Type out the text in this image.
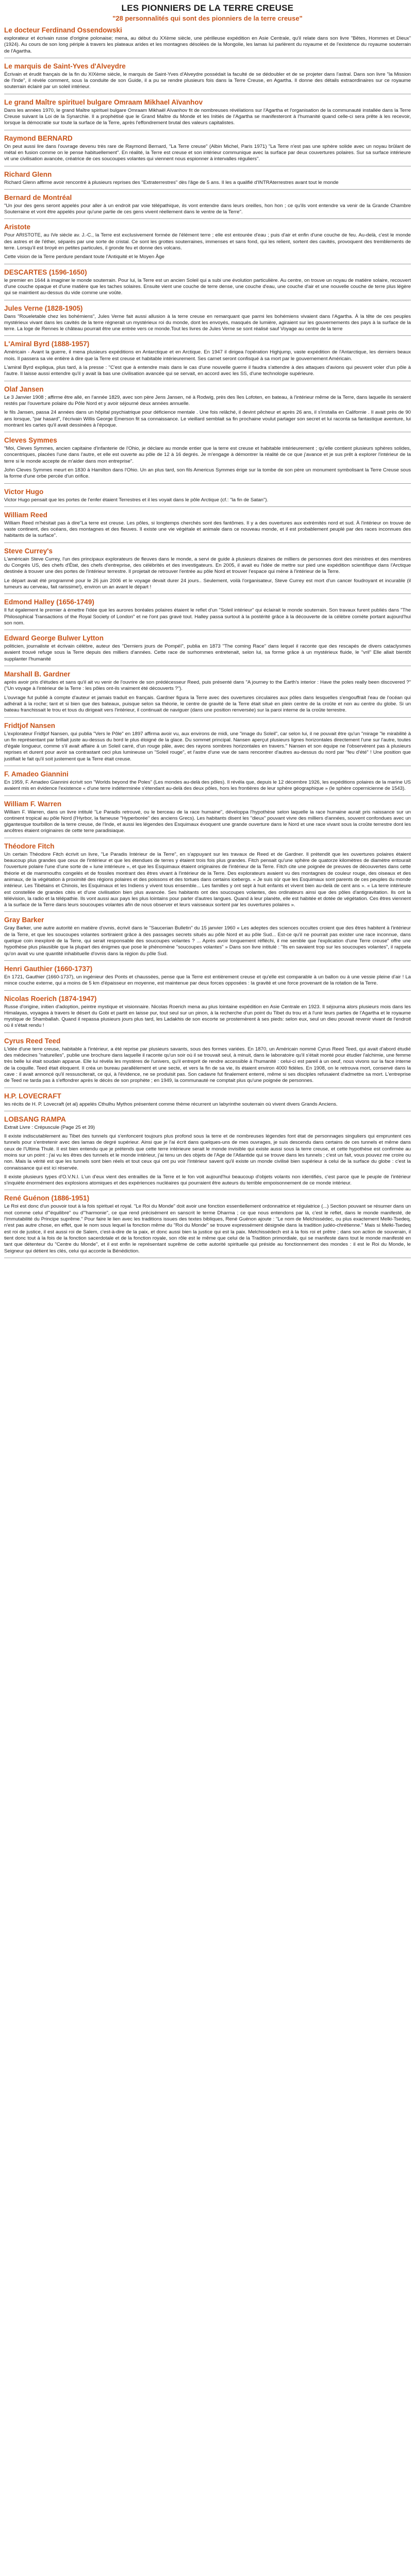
LES PIONNIERS DE LA TERRE CREUSE
"28 personnalités qui sont des pionniers de la terre creuse"
Le docteur Ferdinand Ossendowski

explorateur et écrivain russe d'origine polonaise; mena, au début du XXème siècle, une périlleuse expédition en Asie Centrale, qu'il relate dans son livre "Bêtes, Hommes et Dieux" (1924). Au cours de son long périple à travers les plateaux arides et les montagnes désolées de la Mongolie, les lamas lui parlèrent du royaume et de l'existence du royaume souterrain de l'Agartha.

Le marquis de Saint-Yves d'Alveydre

Écrivain et érudit français de la fin du XIXème siècle, le marquis de Saint-Yves d'Alveydre possédait la faculté de se dédoubler et de se projeter dans l'astral. Dans son livre "la Mission de l'Inde", il révèle comment, sous la conduite de son Guide, il a pu se rendre plusieurs fois dans la Terre Creuse, en Agartha. Il donne des détails extraordinaires sur ce royaume souterrain éclairé par un soleil intérieur.

Le grand Maître spirituel bulgare Omraam Mikhael Aïvanhov

Dans les années 1970, le grand Maître spirituel bulgare Omraam Mikhaël Aïvanhov fit de nombreuses révélations sur l'Agartha et l'organisation de la communauté installée dans la Terre Creuse suivant la Loi de la Synarchie. Il a prophétisé que le Grand Maître du Monde et les Initiés de l'Agartha se manifesteront à l'humanité quand celle-ci sera prête à les recevoir, lorsque la démocratie sur toute la surface de la Terre, après l'effondrement brutal des valeurs capitalistes.

Raymond BERNARD

On peut aussi lire dans l'ouvrage devenu très rare de Raymond Bernard, "La Terre creuse" (Albin Michel, Paris 1971) "La Terre n'est pas une sphère solide avec un noyau brûlant de métal en fusion comme on le pense habituellement". En réalité, la Terre est creuse et son intérieur communique avec la surface par deux couvertures polaires. Sur sa surface intérieure vit une civilisation avancée, créatrice de ces soucoupes volantes qui viennent nous espionner à intervalles réguliers".

Richard Glenn

Richard Glenn affirme avoir rencontré à plusieurs reprises des "Extraterrestres" dès l'âge de 5 ans. Il les a qualifié d'INTRAterrestres avant tout le monde

Bernard de Montréal

"Un jour des gens seront appelés pour aller à un endroit par voie télépathique, ils vont entendre dans leurs oreilles, hon hon ; ce qu'ils vont entendre va venir de la Grande Chambre Souterraine et vont être appelés pour qu'une partie de ces gens vivent réellement dans le ventre de la Terre".

Aristote

Pour ARISTOTE, au IVe siècle av. J.-C., la Terre est exclusivement formée de l'élément terre ; elle est entourée d'eau ; puis d'air et enfin d'une couche de feu. Au-delà, c'est le monde des astres et de l'éther, séparés par une sorte de cristal. Ce sont les grottes souterraines, immenses et sans fond, qui les relient, sortent des cavités, provoquent des tremblements de terre. Lorsqu'il est broyé en petites particules, il gronde feu et donne des volcans.

Cette vision de la Terre perdure pendant toute l'Antiquité et le Moyen Âge

DESCARTES (1596-1650)

le premier en 1644 à imaginer le monde souterrain. Pour lui, la Terre est un ancien Soleil qui a subi une évolution particulière. Au centre, on trouve un noyau de matière solaire, recouvert d'une couche opaque et d'une matière que les taches solaires. Ensuite vient une couche de terre dense, une couche d'eau, une couche d'air et une nouvelle couche de terre plus légère qui se maintient au-dessus du vide comme une voûte.

Jules Verne (1828-1905)

Dans "Roueletable chez les bohémiens", Jules Verne fait aussi allusion à la terre creuse en remarquant que parmi les bohémiens vivaient dans l'Agartha. À la tête de ces peuples mystérieux vivant dans les cavités de la terre régnerait un mystérieux roi du monde, dont les envoyés, masqués de lumière, agiraient sur les gouvernements des pays à la surface de la terre. La loge de Rennes le château pourrait être une entrée vers ce monde.Tout les livres de Jules Verne se sont réalisé sauf Voyage au centre de la terre

L'Amiral Byrd (1888-1957)

Américain - Avant la guerre, il mena plusieurs expéditions en Antarctique et en Arctique. En 1947 il dirigea l'opération Highjump, vaste expédition de l'Antarctique, les derniers beaux mois. Il passera sa vie entière à dire que la Terre est creuse et habitable intérieurement. Ses carnet seront confisqué à sa mort par le gouvernement Américain.

L'amiral Byrd expliqua, plus tard, à la presse : "C'est que à entendre mais dans le cas d'une nouvelle guerre il faudra s'attendre à des attaques d'avions qui peuvent voler d'un pôle à l'autre. Il laisse aussi entendre qu'il y avait là bas une civilisation avancée qui se servait, en accord avec les SS, d'une technologie supérieure.

Olaf Jansen

Le 3 Janvier 1908 ; affirme être allé, en l'année 1829, avec son père Jens Jansen, né à Rodwig, près des îles Lofoten, en bateau, à l'intérieur même de la Terre, dans laquelle ils seraient restés par l'ouverture polaire du Pôle Nord et y avoir séjourné deux années annuelle.

le fils Jansen, passa 24 années dans un hôpital psychiatrique pour déficience mentale . Une fois relâché, il devint pêcheur et après 26 ans, il s'installa en Californie . Il avait près de 90 ans lorsque, "par hasard", l'écrivain Willis George Emerson fit sa connaissance. Le vieillard semblait sa fin prochaine voulut partager son secret et lui raconta sa fantastique aventure, lui montrant les cartes qu'il avait dessinées à l'époque.

Cleves Symmes

"Moi, Cleves Symmes, ancien capitaine d'infanterie de l'Ohio, je déclare au monde entier que la terre est creuse et habitable intérieurement ; qu'elle contient plusieurs sphères solides, concentriques, placées l'une dans l'autre, et elle est ouverte au pôle de 12 à 16 degrés. Je m'engage à démontrer la réalité de ce que j'avance et je sus prêt à explorer l'intérieur de la terre si le monde accepte de m'aider dans mon entreprise".

John Cleves Symmes meurt en 1830 à Hamilton dans l'Ohio. Un an plus tard, son fils Americus Symmes érige sur la tombe de son père un monument symbolisant la Terre Creuse sous la forme d'une orbe percée d'un orifice.

Victor Hugo

Victor Hugo pensait que les portes de l'enfer étaient Terrestres et il les voyait dans le pôle Arctique (cf.: "la fin de Satan").

William Reed

William Reed m'hésitait pas à dire"La terre est creuse. Les pôles, si longtemps cherchés sont des fantômes. Il y a des ouvertures aux extrémités nord et sud. À l'intérieur on trouve de vaste continent, des océans, des montagnes et des fleuves. Il existe une vie végétale et animale dans ce nouveau monde, et il est probablement peuplé par des races inconnues des habitants de la surface".

Steve Currey's

L'américain Steve Currey, l'un des principaux explorateurs de fleuves dans le monde, a servi de guide à plusieurs dizaines de milliers de personnes dont des ministres et des membres du Congrès US, des chefs d'État, des chefs d'entreprise, des célébrités et des investigateurs. En 2005, il avait eu l'idée de mettre sur pied une expédition scientifique dans l'Arctique destinée à trouver une des portes de l'intérieur terrestre. Il projetait de retrouver l'entrée au pôle Nord et trouver l'espace qui mène à l'intérieur de la Terre.

Le départ avait été programmé pour le 26 juin 2006 et le voyage devait durer 24 jours.. Seulement, voilà l'organisateur, Steve Currey est mort d'un cancer foudroyant et incurable (il tumeurs au cerveau, fait rarissime!), environ un an avant le départ !

Edmond Halley (1656-1749)

Il fut également le premier à émettre l'idée que les aurores boréales polaires étaient le reflet d'un "Soleil intérieur" qui éclairait le monde souterrain. Son travaux furent publiés dans "The Philosophical Transactions of the Royal Society of London" et ne l'ont pas gravé tout. Halley passa surtout à la postérité grâce à la découverte de la célèbre comète portant aujourd'hui son nom.

Edward George Bulwer Lytton

politicien, journaliste et écrivain célèbre, auteur des "Derniers jours de Pompéï", publia en 1873 "The coming Race" dans lequel il raconte que des rescapés de divers cataclysmes avaient trouvé refuge sous la Terre depuis des milliers d'années. Cette race de surhommes entretenait, selon lui, sa forme grâce à un mystérieux fluide, le "vril" Elle allait bientôt supplanter l'humanité

Marshall B. Gardner

après avoir pris d'études et sans qu'il ait vu venir de l'ouvrire de son prédécesseur Reed, puis présenté dans "A journey to the Earth's interior : Have the poles really been discovered ?" ("Un voyage à l'intérieur de la Terre : les pôles ont-ils vraiment été découverts ?").

L'ouvrage fut publié à compte d'auteur et jamais traduit en français. Gardner figura la Terre avec des ouvertures circulaires aux pôles dans lesquelles s'engouffrait l'eau de l'océan qui adhérait à la roche; tant et si bien que des bateaux, puisque selon sa théorie, le centre de gravité de la Terre était situé en plein centre de la croûte et non au centre du globe. Si un bateau franchissait le trou et tous du dirigeait vers l'intérieur, il continuait de naviguer (dans une position renversée) sur la paroi interne de la croûte terrestre.

Fridtjof Nansen

L'explorateur Fridtjof Nansen, qui publia "Vers le Pôle" en 1897 affirma avoir vu, aux environs de midi, une "image du Soleil", car selon lui, il ne pouvait être qu'un "mirage "le mirabilité à un fin représentant par brillait juste au-dessus du bord le plus éloigné de la glace. Du sommet principal. Nansen aperçut plusieurs lignes horizontales directement l'une sur l'autre, toutes d'égale longueur, comme s'il avait affaire à un Soleil carré, d'un rouge pâle, avec des rayons sombres horizontales en travers." Nansen et son équipe ne l'observèrent pas à plusieurs reprises et durent pour avoir sa contrastant ceci plus lumineuse un "Soleil rouge", et l'astre d'une vue de sans rencontrer d'autres au-dessus du nord par "feu d'été" ! Une position que justifiait le fait qu'il soit justement que la Terre était creuse.

F. Amadeo Giannini

En 1959, F. Amadeo Giannini écrivit son "Worlds beyond the Poles" (Les mondes au-delà des pôles). Il révéla que, depuis le 12 décembre 1926, les expéditions polaires de la marine US avaient mis en évidence l'existence « d'une terre indéterminée s'étendant au-delà des deux pôles, hors les frontières de leur sphère géographique » (le sphère copernicienne de 1543).

William F. Warren

William F. Warren, dans un livre intitulé "Le Paradis retrouvé, ou le berceau de la race humaine", développa l'hypothèse selon laquelle la race humaine aurait pris naissance sur un continent tropical au pôle Nord (l'Hyrbor, la fameuse "Hyperborée" des anciens Grecs). Les habitants disent les "dieux" pouvant vivre des milliers d'années, souvent confondues avec un gigantesque tourbillon de la terre creuse, de l'Inde, et aussi les légendes des Esquimaux évoquent une grande ouverture dans le Nord et une race vivant sous la croûte terrestre dont les ancêtres étaient originaires de cette terre paradisiaque.

Théodore Fitch

Un certain Théodore Fitch écrivit un livre, "Le Paradis Intérieur de la Terre", en s'appuyant sur les travaux de Reed et de Gardner. Il prétendit que les ouvertures polaires étaient beaucoup plus grandes que ceux de l'intérieur et que les étendues de terres y étaient trois fois plus grandes. Fitch pensait qu'une sphère de quatorze kilomètres de diamètre entourait l'ouverture polaire l'une d'une sorte de « lune intérieure », et que les Esquimaux étaient originaires de l'intérieur de la Terre. Fitch cite une poignée de preuves de découvertes dans cette théorie et de mammouths congelés et de fossiles montrant des êtres vivant à l'intérieur de la Terre. Des explorateurs avaient vu des montagnes de couleur rouge, des oiseaux et des animaux, de la végétation à proximité des régions polaires et des poissons et des tortues dans certains icebergs. « Je suis sûr que les Esquimaux sont parents de ces peuples du monde intérieur. Les Tibétains et Chinois, les Esquimaux et les Indiens y vivent tous ensemble... Les familles y ont sept à huit enfants et vivent bien au-delà de cent ans ». « La terre intérieure est constellée de grandes cités et d'une civilisation bien plus avancée. Ses habitants ont des soucoupes volantes, des ordinateurs ainsi que des pôles d'antigravitation. Ils ont la télévision, la radio et la télépathie. Ils vont aussi aux pays les plus lointains pour parler d'autres langues. Quand à leur planète, elle est habitée et dotée de végétation. Ces êtres viennent à la surface de la Terre dans leurs soucoupes volantes afin de nous observer et leurs vaisseaux sortent par les ouvertures polaires ».

Gray Barker

Gray Barker, une autre autorité en matière d'ovnis, écrivit dans le "Saucerian Bulletin" du 15 janvier 1960 « Les adeptes des sciences occultes croient que des êtres habitent à l'intérieur de la Terre, et que les soucoupes volantes sortiraient grâce à des passages secrets situés au pôle Nord et au pôle Sud... Est-ce qu'il ne pourrait pas exister une race inconnue, dans quelque coin inexploré de la Terre, qui serait responsable des soucoupes volantes ? ... Après avoir longuement réfléchi, il me semble que l'explication d'une Terre creuse" offre une hypothèse plus plausible que la plupart des énigmes que pose le phénomène "soucoupes volantes" » Dans son livre intitulé : "Ils en savaient trop sur les soucoupes volantes", il rappela qu'on avait vu une quantité inhabituelle d'ovnis dans la région du pôle Sud.

Henri Gauthier (1660-1737)

En 1721, Gauthier (1660-1737), un ingénieur des Ponts et chaussées, pense que la Terre est entièrement creuse et qu'elle est comparable à un ballon ou à une vessie pleine d'air ! La mince couche externe, qui a moins de 5 km d'épaisseur en moyenne, est maintenue par deux forces opposées : la gravité et une force provenant de la rotation de la Terre.

Nicolas Roerich (1874-1947)

Russe d'origine, initien d'adoption, peintre mystique et visionnaire. Nicolas Roerich mena au plus lointaine expédition en Asie Centrale en 1923. Il séjourna alors plusieurs mois dans les Himalayas, voyagea à travers le désert du Gobi et partit en laisse pur, tout seul sur un pinon, à la recherche d'un point du Tibet du trou et à l'unir leurs parties de l'Agartha et le royaume mystique de Shamballah. Quand il repassa plusieurs jours plus tard, les Ladakhis de son escorte se prosternèrent à ses pieds: selon eux, seul un dieu pouvait revenir vivant de l'endroit où il s'était rendu !

Cyrus Reed Teed

L'idée d'une terre creuse, habitable à l'intérieur, a été reprise par plusieurs savants, sous des formes variées. En 1870, un Américain nommé Cyrus Reed Teed, qui avait d'abord étudié des médecines "naturelles", publie une brochure dans laquelle il raconte qu'un soir où il se trouvait seul, à minuit, dans le laboratoire qu'il s'était monté pour étudier l'alchimie, une femme très belle lui était soudain apparue. Elle lui révéla les mystères de l'univers, qu'il entreprit de rendre accessible à l'humanité : celui-ci est pareil à un oeuf, nous vivons sur la face interne de la coquille. Teed était éloquent. Il créa un bureau parallèlement et une secte, et vers la fin de sa vie, ils étaient environ 4000 fidèles. En 1908, on le retrouva mort, conservé dans la cave : il avait annoncé qu'il ressusciterait, ce qui, à l'évidence, ne se produisit pas. Son cadavre fut finalement enterré, même si ses disciples refusaient d'admettre sa mort. L'entreprise de Teed ne tarda pas à s'effondrer après le décès de son prophète ; en 1949, la communauté ne comptait plus qu'une poignée de personnes.

H.P. LOVECRAFT

les récits de H. P. Lovecraft (et al) appelés Cthulhu Mythos présentent comme thème récurrent un labyrinthe souterrain où vivent divers Grands Anciens.

LOBSANG RAMPA

Extrait Livre : Crépuscule (Page 25 et 39)

Il existe indiscutablement au Tibet des tunnels qui s'enfoncent toujours plus profond sous la terre et de nombreuses légendes font état de personnages singuliers qui empruntent ces tunnels pour s'entretenir avec des lamas de degré supérieur. Ainsi que je l'ai écrit dans quelques-uns de mes ouvrages, je suis descendu dans certains de ces tunnels et même dans ceux de l'Ultima Thulé. Il est bien entendu que je prétends que cette terre intérieure serait le monde invisible qui existe aussi sous la terre creuse, et cette hypothèse est confirmée au moins sur un point : j'ai vu les êtres des tunnels et le monde intérieur, j'ai tenu un des objets de l'Age de l'Atlantide qui se trouve dans les tunnels ; c'est un fait, vous pouvez me croire ou non. Mais la vérité est que les tunnels sont bien réels et tout ceux qui ont pu voir l'intérieur savent qu'il existe un monde civilisé bien supérieur à celui de la surface du globe : c'est la connaissance qui est ici réservée.

Il existe plusieurs types d'O.V.N.I. L'un d'eux vient des entrailles de la Terre et le fon voit aujourd'hui beaucoup d'objets volants non identifiés, c'est parce que le peuple de l'intérieur s'inquiète énormément des explosions atomiques et des expériences nucléaires qui pourraient être auteurs du terrible empoisonnement de ce monde intérieur.

René Guénon (1886-1951)

Le Roi est donc d'un pouvoir tout à la fois spirituel et royal. "Le Roi du Monde" doit avoir une fonction essentiellement ordonnatrice et régulatrice (...) Section pouvant se résumer dans un mot comme celui d'"équilibre" ou d'"harmonie", ce que rend précisément en sanscrit le terme Dharma ; ce que nous entendons par là, c'est le reflet, dans le monde manifesté, de l'immutabilité du Principe suprême." Pour faire le lien avec les traditions issues des textes bibliques, René Guénon ajoute : "Le nom de Melchissédec, ou plus exactement Melki-Tsedeq, n'est pas autre chose, en effet, que le nom sous lequel la fonction même du "Roi du Monde" se trouve expressément désignée dans la tradition judéo-chrétienne." Mais si Melki-Tsedeq est roi de justice, il est aussi roi de Salem, c'est-à-dire de la paix, et donc aussi bien la justice qui est la paix. Melchissédech est à la fois roi et prêtre ; dans son action de souverain, il tient donc tout à la fois de la fonction sacerdotale et de la fonction royale, son rôle est le même que celui de la Tradition primordiale, qui se manifeste dans tout le monde manifesté en tant que détenteur du "Centre du Monde", et il est enfin le représentant suprême de cette autorité spirituelle qui préside au fonctionnement des mondes : il est le Roi du Monde, le Seigneur qui détient les clés, celui qui accorde la Bénédiction.
